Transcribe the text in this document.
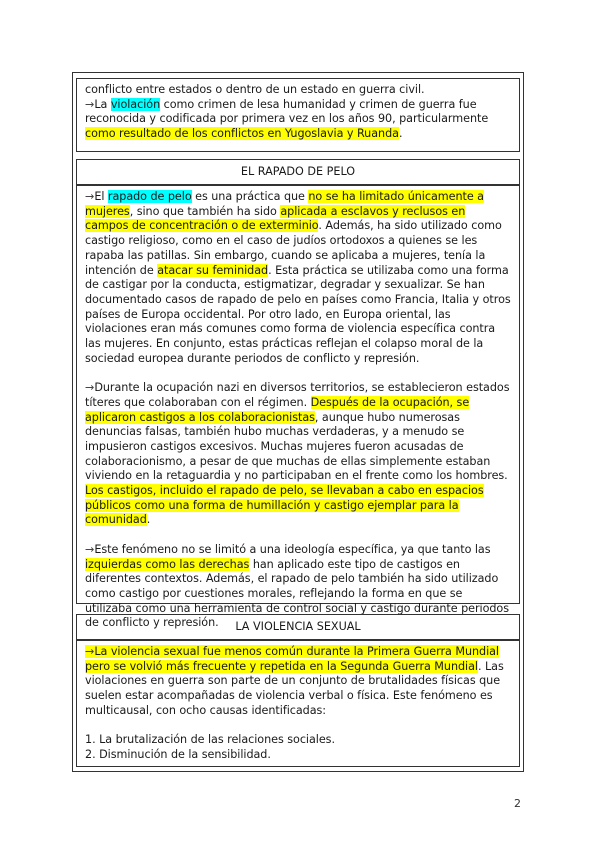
conflicto entre estados o dentro de un estado en guerra civil.

→La violación como crimen de lesa humanidad y crimen de guerra fue reconocida y codificada por primera vez en los años 90, particularmente como resultado de los conflictos en Yugoslavia y Ruanda.

EL RAPADO DE PELO

→El rapado de pelo es una práctica que no se ha limitado únicamente a mujeres, sino que también ha sido aplicada a esclavos y reclusos en campos de concentración o de exterminio. Además, ha sido utilizado como castigo religioso, como en el caso de judíos ortodoxos a quienes se les rapaba las patillas. Sin embargo, cuando se aplicaba a mujeres, tenía la intención de atacar su feminidad. Esta práctica se utilizaba como una forma de castigar por la conducta, estigmatizar, degradar y sexualizar. Se han documentado casos de rapado de pelo en países como Francia, Italia y otros países de Europa occidental. Por otro lado, en Europa oriental, las violaciones eran más comunes como forma de violencia específica contra las mujeres. En conjunto, estas prácticas reflejan el colapso moral de la sociedad europea durante periodos de conflicto y represión.

→Durante la ocupación nazi en diversos territorios, se establecieron estados títeres que colaboraban con el régimen. Después de la ocupación, se aplicaron castigos a los colaboracionistas, aunque hubo numerosas denuncias falsas, también hubo muchas verdaderas, y a menudo se impusieron castigos excesivos. Muchas mujeres fueron acusadas de colaboracionismo, a pesar de que muchas de ellas simplemente estaban viviendo en la retaguardia y no participaban en el frente como los hombres. Los castigos, incluido el rapado de pelo, se llevaban a cabo en espacios públicos como una forma de humillación y castigo ejemplar para la comunidad.

→Este fenómeno no se limitó a una ideología específica, ya que tanto las izquierdas como las derechas han aplicado este tipo de castigos en diferentes contextos. Además, el rapado de pelo también ha sido utilizado como castigo por cuestiones morales, reflejando la forma en que se utilizaba como una herramienta de control social y castigo durante periodos de conflicto y represión.	LA VIOLENCIA SEXUAL

→La violencia sexual fue menos común durante la Primera Guerra Mundial pero se volvió más frecuente y repetida en la Segunda Guerra Mundial. Las violaciones en guerra son parte de un conjunto de brutalidades físicas que suelen estar acompañadas de violencia verbal o física. Este fenómeno es multicausal, con ocho causas identificadas:

1. La brutalización de las relaciones sociales.
2. Disminución de la sensibilidad.
2
